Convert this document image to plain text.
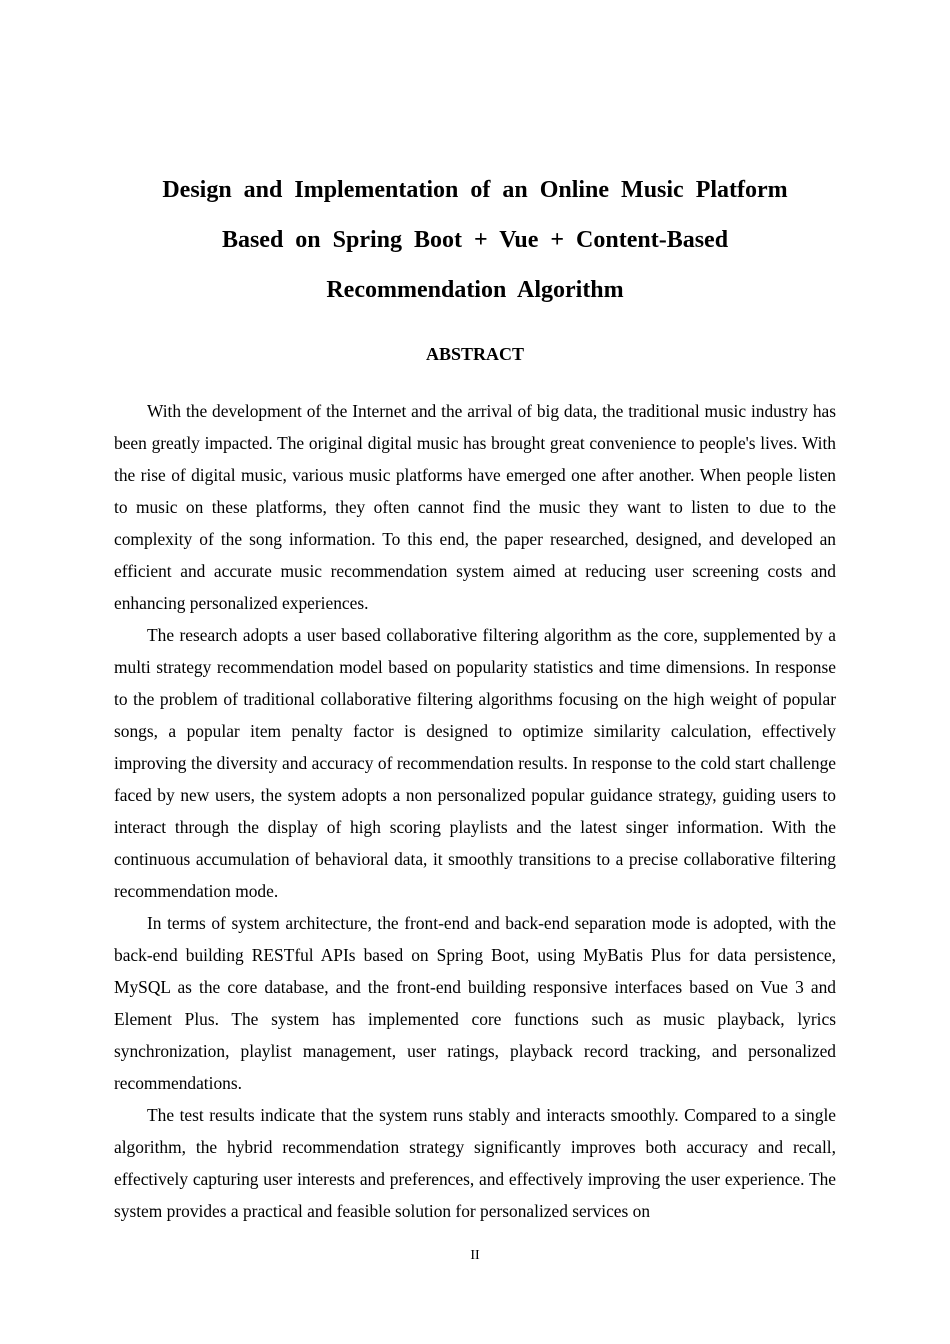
Design and Implementation of an Online Music Platform
Based on Spring Boot + Vue + Content-Based
Recommendation Algorithm
ABSTRACT

With the development of the Internet and the arrival of big data, the traditional music industry has been greatly impacted. The original digital music has brought great convenience to people's lives. With the rise of digital music, various music platforms have emerged one after another. When people listen to music on these platforms, they often cannot find the music they want to listen to due to the complexity of the song information. To this end, the paper researched, designed, and developed an efficient and accurate music recommendation system aimed at reducing user screening costs and enhancing personalized experiences.

The research adopts a user based collaborative filtering algorithm as the core, supplemented by a multi strategy recommendation model based on popularity statistics and time dimensions. In response to the problem of traditional collaborative filtering algorithms focusing on the high weight of popular songs, a popular item penalty factor is designed to optimize similarity calculation, effectively improving the diversity and accuracy of recommendation results. In response to the cold start challenge faced by new users, the system adopts a non personalized popular guidance strategy, guiding users to interact through the display of high scoring playlists and the latest singer information. With the continuous accumulation of behavioral data, it smoothly transitions to a precise collaborative filtering recommendation mode.

In terms of system architecture, the front-end and back-end separation mode is adopted, with the back-end building RESTful APIs based on Spring Boot, using MyBatis Plus for data persistence, MySQL as the core database, and the front-end building responsive interfaces based on Vue 3 and Element Plus. The system has implemented core functions such as music playback, lyrics synchronization, playlist management, user ratings, playback record tracking, and personalized recommendations.

The test results indicate that the system runs stably and interacts smoothly. Compared to a single algorithm, the hybrid recommendation strategy significantly improves both accuracy and recall, effectively capturing user interests and preferences, and effectively improving the user experience. The system provides a practical and feasible solution for personalized services on

II
